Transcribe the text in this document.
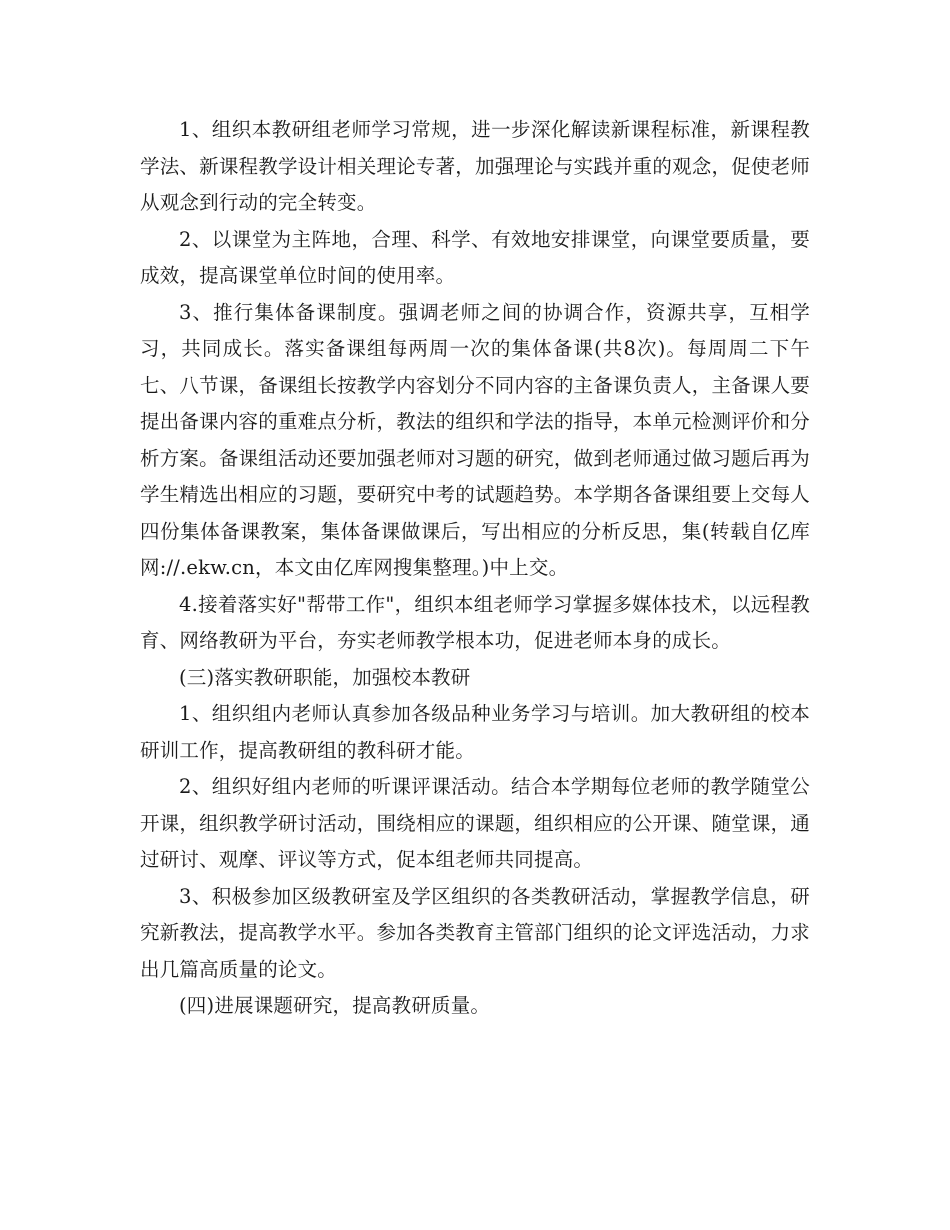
1、组织本教研组老师学习常规，进一步深化解读新课程标准，新课程教学法、新课程教学设计相关理论专著，加强理论与实践并重的观念，促使老师从观念到行动的完全转变。

2、以课堂为主阵地，合理、科学、有效地安排课堂，向课堂要质量，要成效，提高课堂单位时间的使用率。

3、推行集体备课制度。强调老师之间的协调合作，资源共享，互相学习，共同成长。落实备课组每两周一次的集体备课(共8次)。每周周二下午七、八节课，备课组长按教学内容划分不同内容的主备课负责人，主备课人要提出备课内容的重难点分析，教法的组织和学法的指导，本单元检测评价和分析方案。备课组活动还要加强老师对习题的研究，做到老师通过做习题后再为学生精选出相应的习题，要研究中考的试题趋势。本学期各备课组要上交每人四份集体备课教案，集体备课做课后，写出相应的分析反思，集(转载自亿库网://.ekw.cn，本文由亿库网搜集整理。)中上交。

4.接着落实好"帮带工作"，组织本组老师学习掌握多媒体技术，以远程教育、网络教研为平台，夯实老师教学根本功，促进老师本身的成长。

(三)落实教研职能，加强校本教研

1、组织组内老师认真参加各级品种业务学习与培训。加大教研组的校本研训工作，提高教研组的教科研才能。

2、组织好组内老师的听课评课活动。结合本学期每位老师的教学随堂公开课，组织教学研讨活动，围绕相应的课题，组织相应的公开课、随堂课，通过研讨、观摩、评议等方式，促本组老师共同提高。

3、积极参加区级教研室及学区组织的各类教研活动，掌握教学信息，研究新教法，提高教学水平。参加各类教育主管部门组织的论文评选活动，力求出几篇高质量的论文。

(四)进展课题研究，提高教研质量。
